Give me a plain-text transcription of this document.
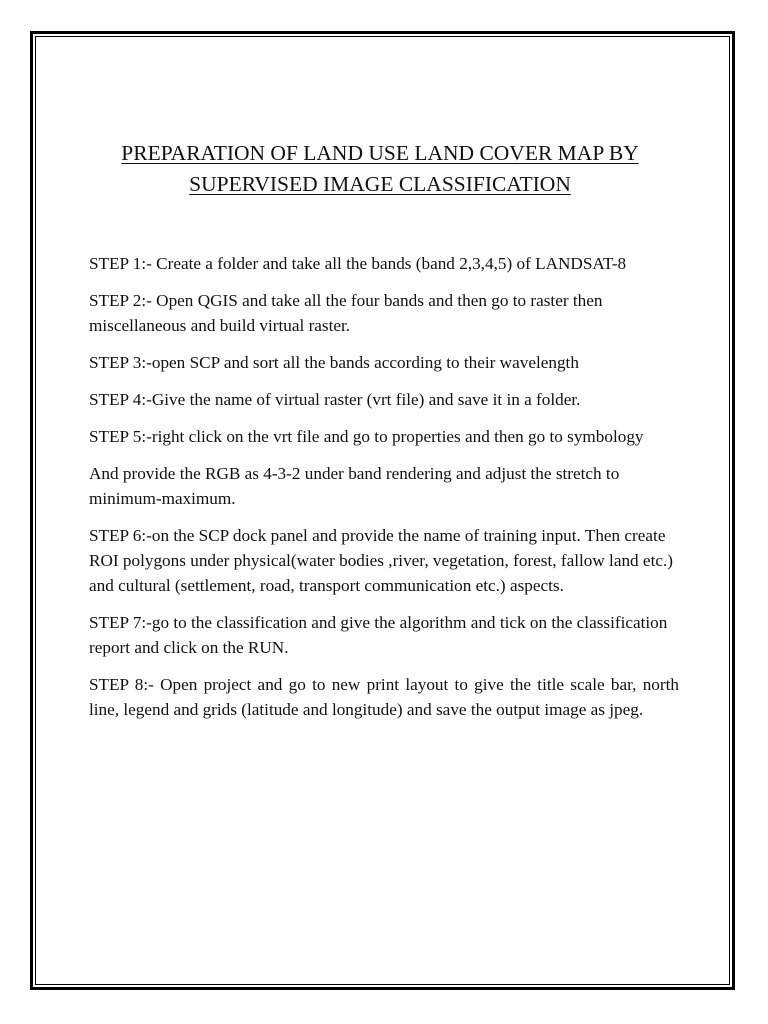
PREPARATION OF LAND USE LAND COVER MAP BY
SUPERVISED IMAGE CLASSIFICATION

STEP 1:- Create a folder and take all the bands (band 2,3,4,5) of LANDSAT-8

STEP 2:- Open QGIS and take all the four bands and then go to raster then miscellaneous and build virtual raster.

STEP 3:-open SCP and sort all the bands according to their wavelength

STEP 4:-Give the name of virtual raster (vrt file) and save it in a folder.

STEP 5:-right click on the vrt file and go to properties and then go to symbology

And provide the RGB as 4-3-2 under band rendering and adjust the stretch to minimum-maximum.

STEP 6:-on the SCP dock panel and provide the name of training input. Then create ROI polygons under physical(water bodies ,river, vegetation, forest, fallow land etc.) and cultural (settlement, road, transport communication etc.) aspects.

STEP 7:-go to the classification and give the algorithm and tick on the classification report and click on the RUN.

STEP 8:- Open project and go to new print layout to give the title scale bar, north line, legend and grids (latitude and longitude) and save the output image as jpeg.
